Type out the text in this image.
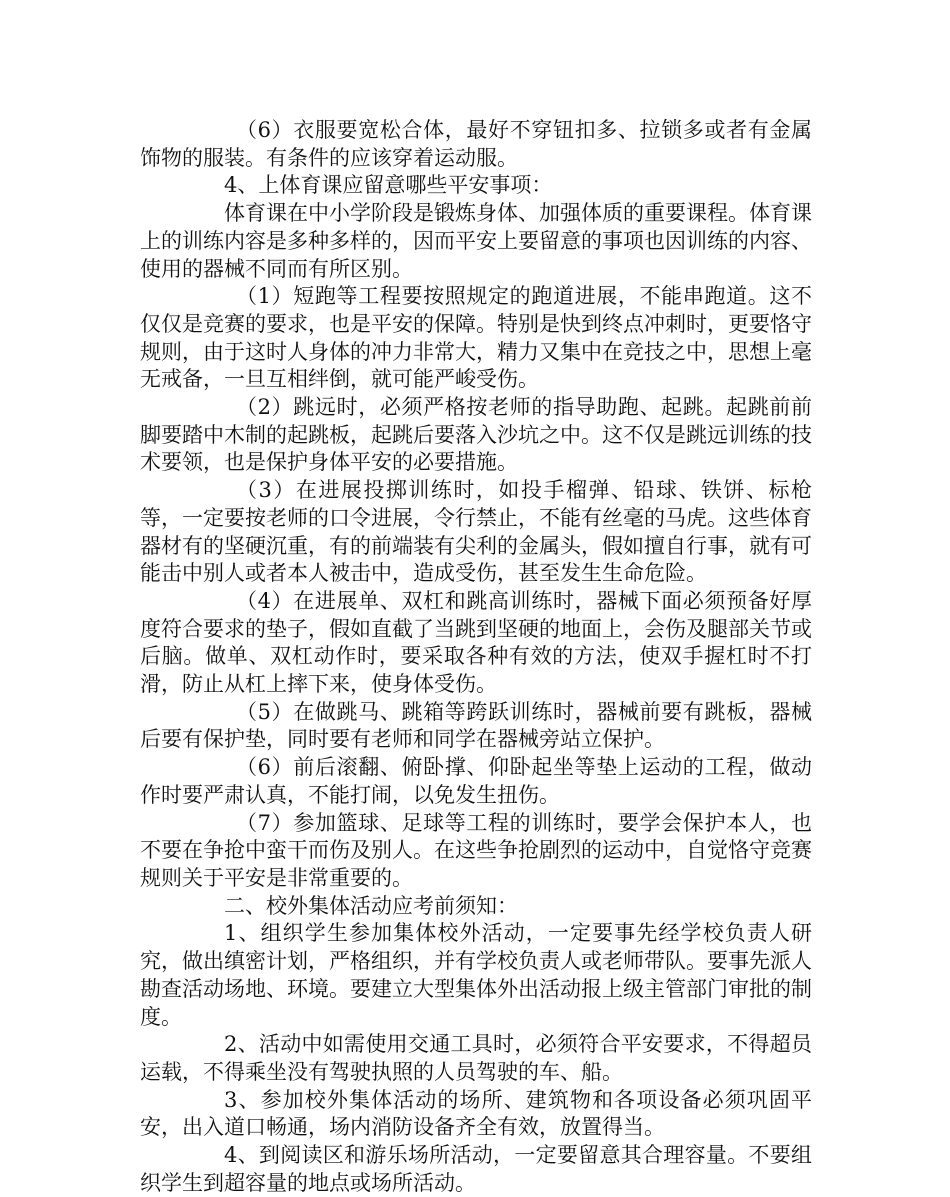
（6）衣服要宽松合体，最好不穿钮扣多、拉锁多或者有金属饰物的服装。有条件的应该穿着运动服。

4、上体育课应留意哪些平安事项：

体育课在中小学阶段是锻炼身体、加强体质的重要课程。体育课上的训练内容是多种多样的，因而平安上要留意的事项也因训练的内容、使用的器械不同而有所区别。

（1）短跑等工程要按照规定的跑道进展，不能串跑道。这不仅仅是竞赛的要求，也是平安的保障。特别是快到终点冲刺时，更要恪守规则，由于这时人身体的冲力非常大，精力又集中在竞技之中，思想上毫无戒备，一旦互相绊倒，就可能严峻受伤。

（2）跳远时，必须严格按老师的指导助跑、起跳。起跳前前脚要踏中木制的起跳板，起跳后要落入沙坑之中。这不仅是跳远训练的技术要领，也是保护身体平安的必要措施。

（3）在进展投掷训练时，如投手榴弹、铅球、铁饼、标枪等，一定要按老师的口令进展，令行禁止，不能有丝毫的马虎。这些体育器材有的坚硬沉重，有的前端装有尖利的金属头，假如擅自行事，就有可能击中别人或者本人被击中，造成受伤，甚至发生生命危险。

（4）在进展单、双杠和跳高训练时，器械下面必须预备好厚度符合要求的垫子，假如直截了当跳到坚硬的地面上，会伤及腿部关节或后脑。做单、双杠动作时，要采取各种有效的方法，使双手握杠时不打滑，防止从杠上摔下来，使身体受伤。

（5）在做跳马、跳箱等跨跃训练时，器械前要有跳板，器械后要有保护垫，同时要有老师和同学在器械旁站立保护。

（6）前后滚翻、俯卧撑、仰卧起坐等垫上运动的工程，做动作时要严肃认真，不能打闹，以免发生扭伤。

（7）参加篮球、足球等工程的训练时，要学会保护本人，也不要在争抢中蛮干而伤及别人。在这些争抢剧烈的运动中，自觉恪守竞赛规则关于平安是非常重要的。

二、校外集体活动应考前须知：

1、组织学生参加集体校外活动，一定要事先经学校负责人研究，做出缜密计划，严格组织，并有学校负责人或老师带队。要事先派人勘查活动场地、环境。要建立大型集体外出活动报上级主管部门审批的制度。

2、活动中如需使用交通工具时，必须符合平安要求，不得超员运载，不得乘坐没有驾驶执照的人员驾驶的车、船。

3、参加校外集体活动的场所、建筑物和各项设备必须巩固平安，出入道口畅通，场内消防设备齐全有效，放置得当。

4、到阅读区和游乐场所活动，一定要留意其合理容量。不要组织学生到超容量的地点或场所活动。
